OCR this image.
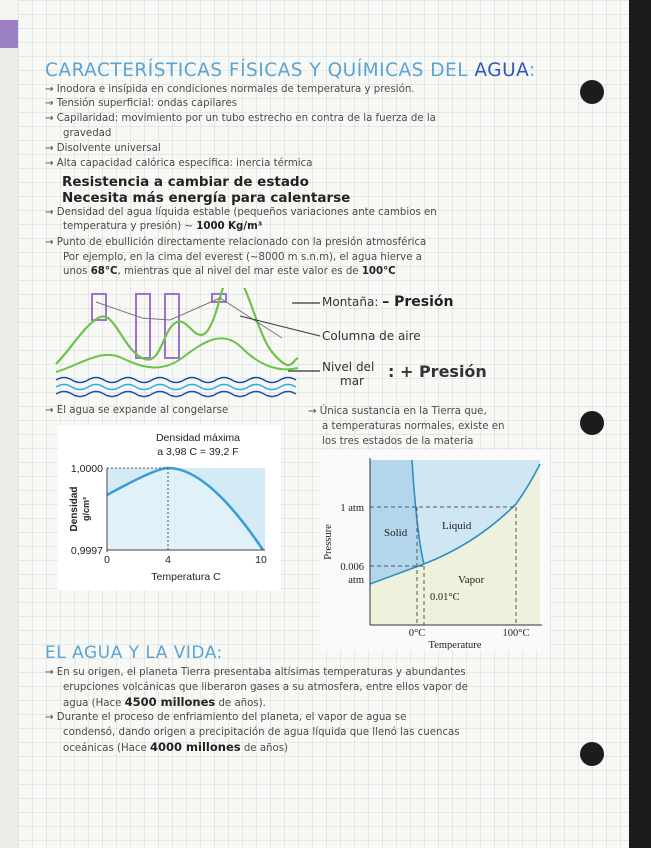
CARACTERÍSTICAS FÍSICAS Y QUÍMICAS DEL AGUA:
→ Inodora e insípida en condiciones normales de temperatura y presión.
→ Tensión superficial: ondas capilares
→ Capilaridad: movimiento por un tubo estrecho en contra de la fuerza de la
gravedad
→ Disolvente universal
→ Alta capacidad calórica específica: inercia térmica
Resistencia a cambiar de estado
Necesita más energía para calentarse
→ Densidad del agua líquida estable (pequeños variaciones ante cambios en
temperatura y presión) ~ 1000 Kg/m³
→ Punto de ebullición directamente relacionado con la presión atmosférica
Por ejemplo, en la cima del everest (~8000 m s.n.m), el agua hierve a
unos 68°C, mientras que al nivel del mar este valor es de 100°C
Montaña: – Presión
Columna de aire
Nivel del
mar : + Presión
→ El agua se expande al congelarse	→ Única sustancia en la Tierra que,
a temperaturas normales, existe en
los tres estados de la materia
Densidad máxima
a 3,98 C = 39,2 F
1,0000
0,9997
0	4	10
Temperatura C
Densidad g/cm³	1 atm
0.006
atm
Solid
Liquid
Vapor
0.01°C
0°C	100°C
Temperature
Pressure
EL AGUA Y LA VIDA:
→ En su origen, el planeta Tierra presentaba altísimas temperaturas y abundantes
erupciones volcánicas que liberaron gases a su atmosfera, entre ellos vapor de
agua (Hace 4500 millones de años).
→ Durante el proceso de enfriamiento del planeta, el vapor de agua se
condensó, dando origen a precipitación de agua líquida que llenó las cuencas
oceánicas (Hace 4000 millones de años)
